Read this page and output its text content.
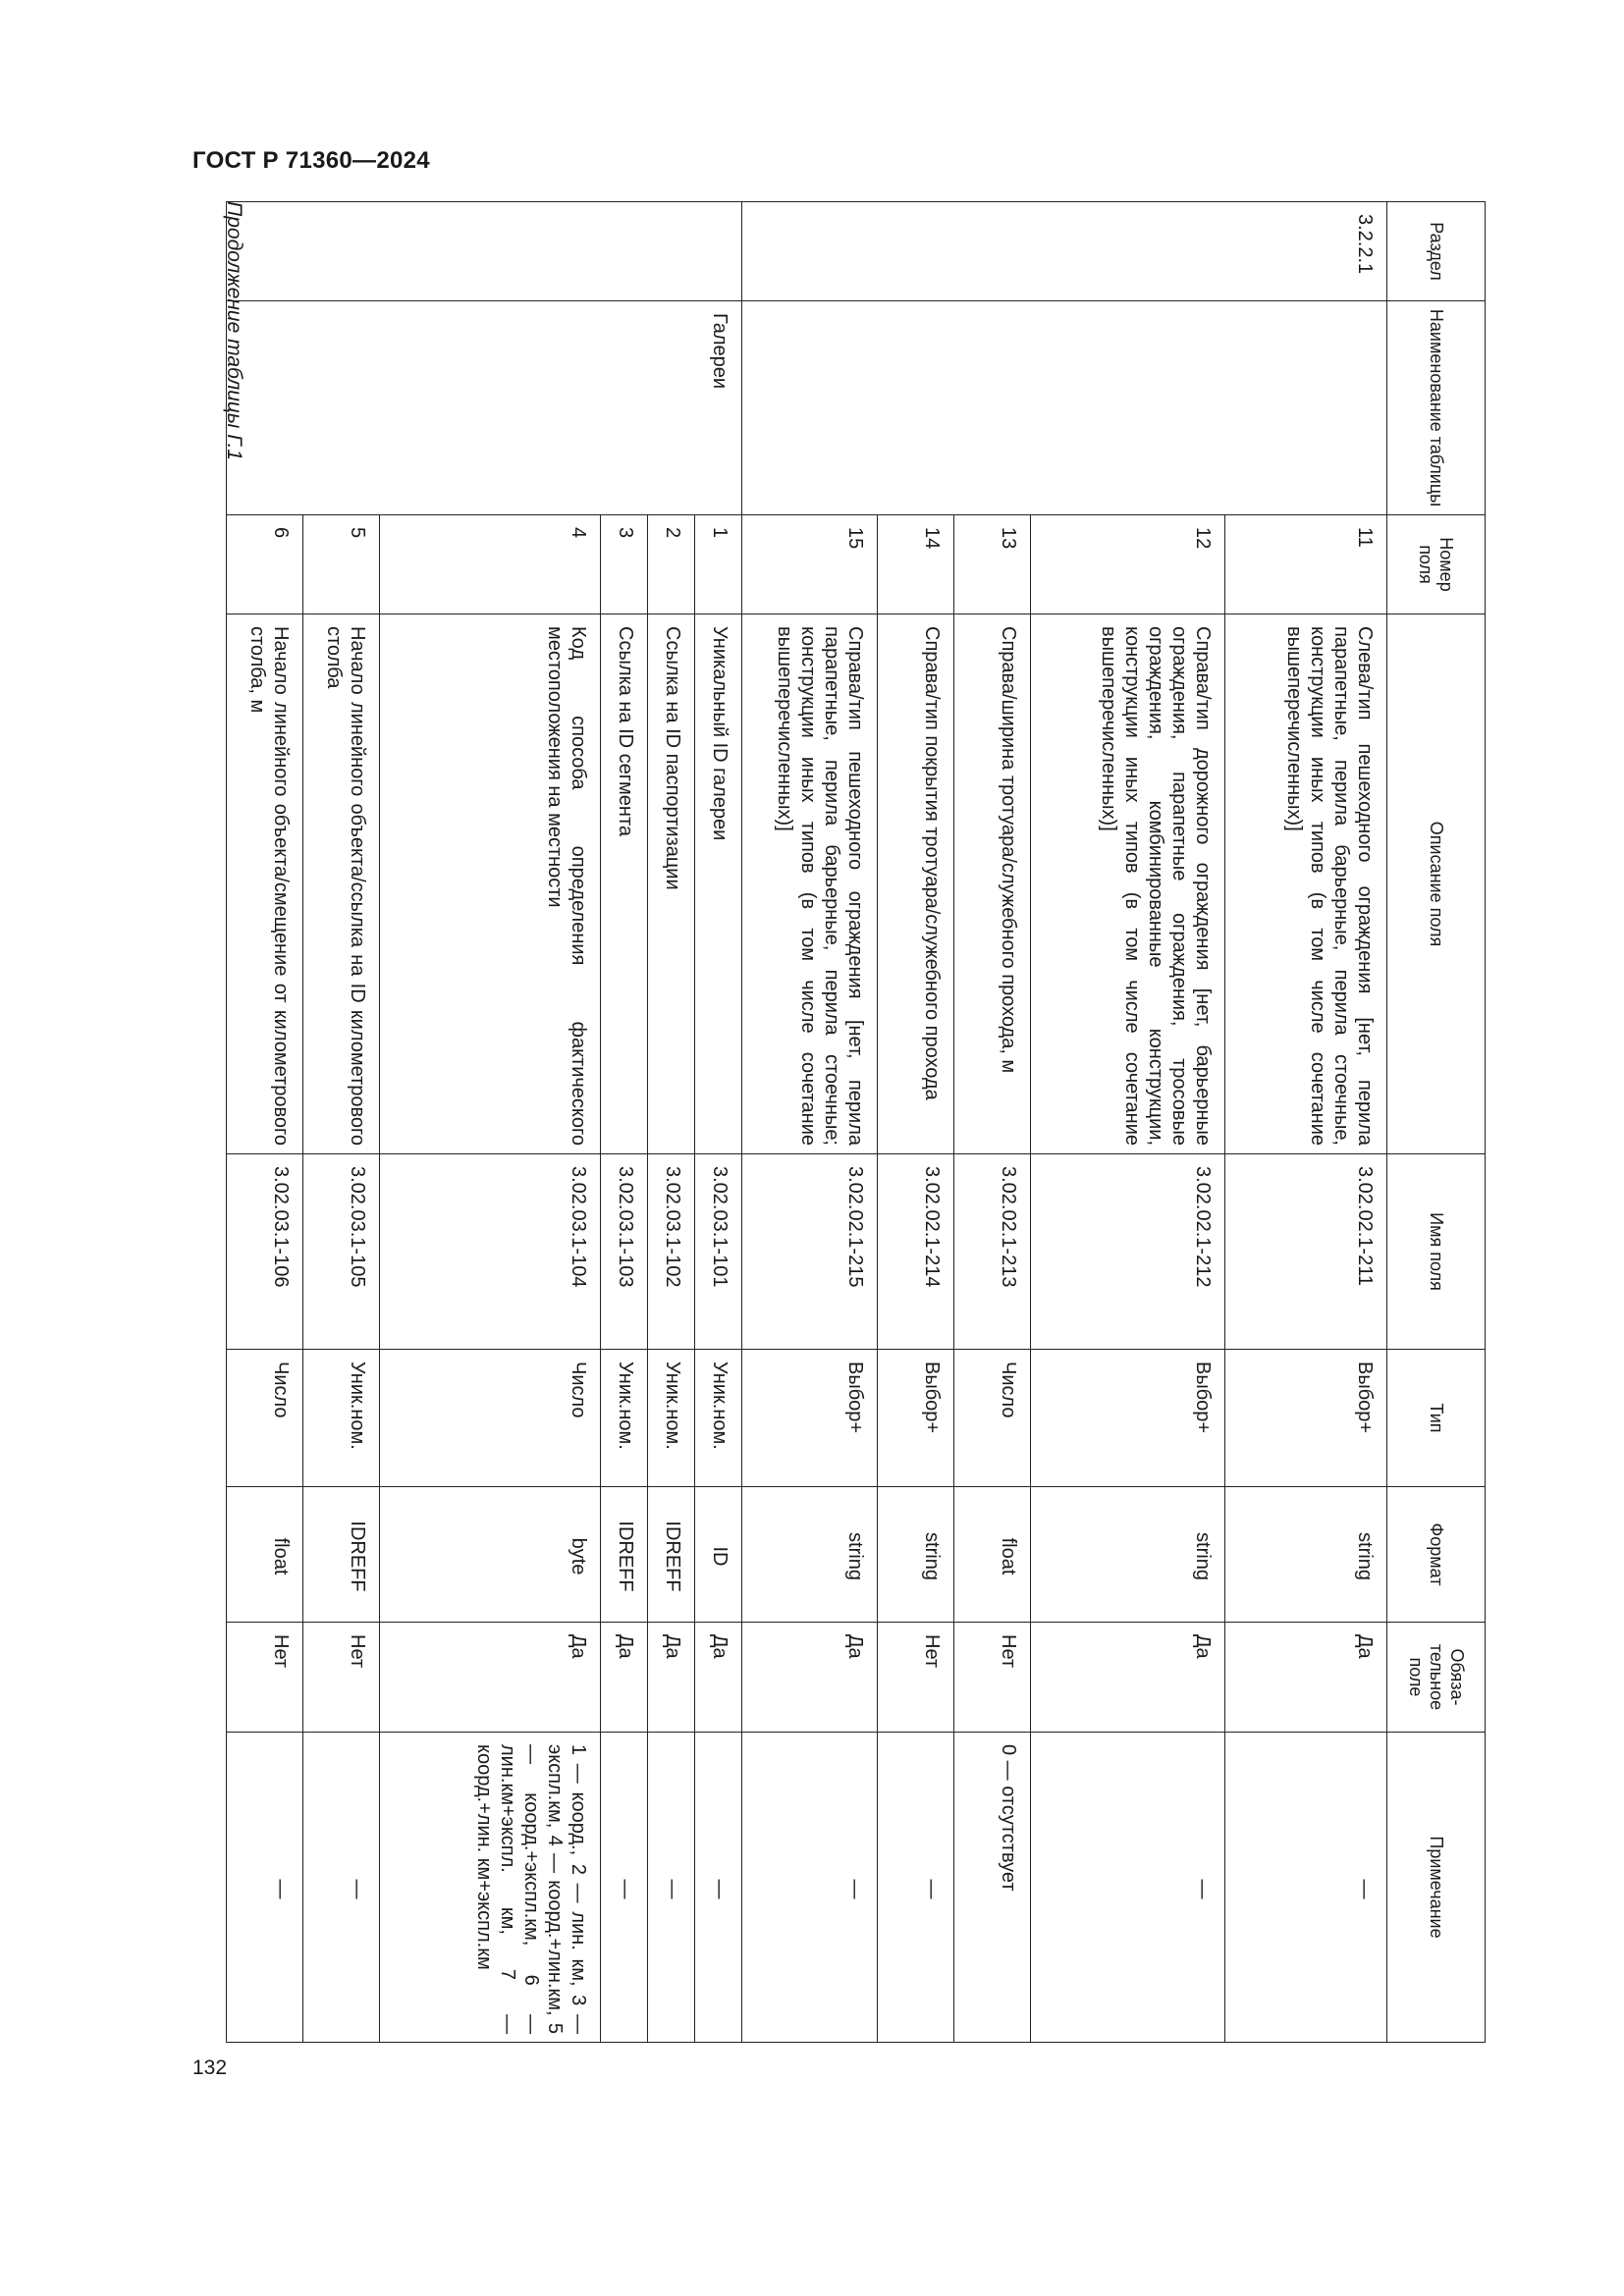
ГОСТ Р 71360—2024
132
Раздел	Наименование таблицы	Номер поля	Описание поля	Имя поля	Тип	Формат	Обяза-тельное поле	Примечание
3.2.2.1		11	Слева/тип пешеходного ограждения [нет, перила парапетные, перила барьерные, перила стоечные, конструкции иных типов (в том числе сочетание вышеперечисленных)]	3.02.02.1-211	Выбор+	string	Да	—
		12	Справа/тип дорожного ограждения [нет, барьерные ограждения, парапетные ограждения, тросовые ограждения, комбинированные конструкции, конструкции иных типов (в том числе сочетание вышеперечисленных)]	3.02.02.1-212	Выбор+	string	Да	—
		13	Справа/ширина тротуара/служебного прохода, м	3.02.02.1-213	Число	float	Нет	0 — отсутствует
		14	Справа/тип покрытия тротуара/служебного прохода	3.02.02.1-214	Выбор+	string	Нет	—
		15	Справа/тип пешеходного ограждения [нет, перила парапетные, перила барьерные, перила стоечные; конструкции иных типов (в том числе сочетание вышеперечисленных)]	3.02.02.1-215	Выбор+	string	Да	—
	Галереи	1	Уникальный ID галереи	3.02.03.1-101	Уник.ном.	ID	Да	—
		2	Ссылка на ID паспортизации	3.02.03.1-102	Уник.ном.	IDREFF	Да	—
		3	Ссылка на ID сегмента	3.02.03.1-103	Уник.ном.	IDREFF	Да	—
		4	Код способа определения фактического местоположения на местности	3.02.03.1-104	Число	byte	Да	1 — коорд., 2 — лин. км, 3 — экспл.км, 4 — коорд.+лин.км, 5 — коорд.+экспл.км, 6 — лин.км+экспл. км, 7 — коорд.+лин. км+экспл.км
		5	Начало линейного объекта/ссылка на ID километрового столба	3.02.03.1-105	Уник.ном.	IDREFF	Нет	—
		6	Начало линейного объекта/смещение от километрового столба, м	3.02.03.1-106	Число	float	Нет	—
Продолжение таблицы Г.1
